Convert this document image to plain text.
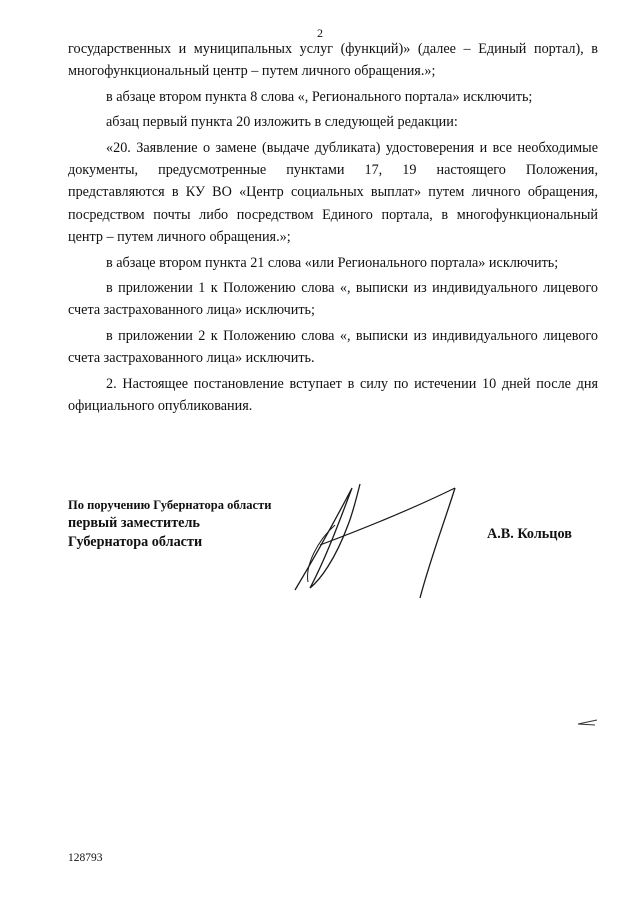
2

государственных и муниципальных услуг (функций)» (далее – Единый портал), в многофункциональный центр – путем личного обращения.»;

в абзаце втором пункта 8 слова «, Регионального портала» исключить;

абзац первый пункта 20 изложить в следующей редакции:

«20. Заявление о замене (выдаче дубликата) удостоверения и все необходимые документы, предусмотренные пунктами 17, 19 настоящего Положения, представляются в КУ ВО «Центр социальных выплат» путем личного обращения, посредством почты либо посредством Единого портала, в многофункциональный центр – путем личного обращения.»;

в абзаце втором пункта 21 слова «или Регионального портала» исключить;

в приложении 1 к Положению слова «, выписки из индивидуального лицевого счета застрахованного лица» исключить;

в приложении 2 к Положению слова «, выписки из индивидуального лицевого счета застрахованного лица» исключить.

2. Настоящее постановление вступает в силу по истечении 10 дней после дня официального опубликования.

По поручению Губернатора области
первый заместитель
Губернатора области	А.В. Кольцов
128793
